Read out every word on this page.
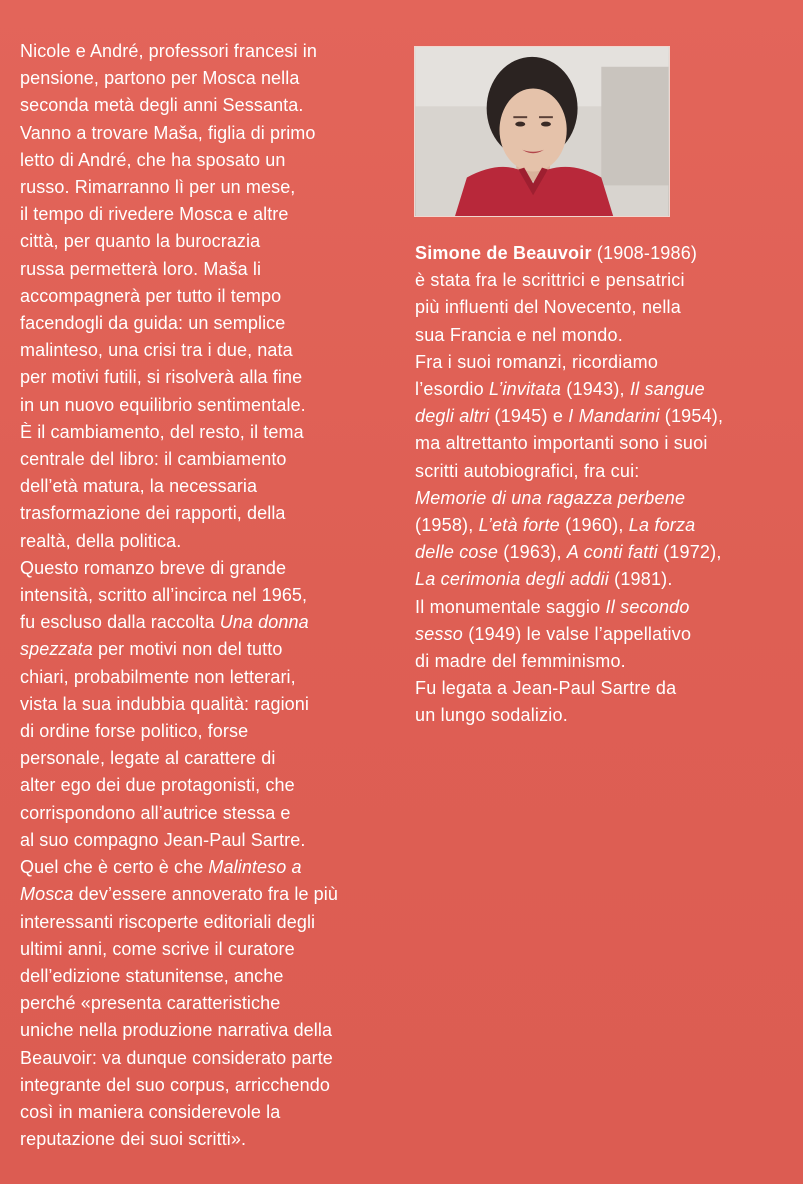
Nicole e André, professori francesi in
pensione, partono per Mosca nella
seconda metà degli anni Sessanta.
Vanno a trovare Maša, figlia di primo
letto di André, che ha sposato un
russo. Rimarranno lì per un mese,
il tempo di rivedere Mosca e altre
città, per quanto la burocrazia
russa permetterà loro. Maša li
accompagnerà per tutto il tempo
facendogli da guida: un semplice
malinteso, una crisi tra i due, nata
per motivi futili, si risolverà alla fine
in un nuovo equilibrio sentimentale.
È il cambiamento, del resto, il tema
centrale del libro: il cambiamento
dell’età matura, la necessaria
trasformazione dei rapporti, della
realtà, della politica.
Questo romanzo breve di grande
intensità, scritto all’incirca nel 1965,
fu escluso dalla raccolta Una donna
spezzata per motivi non del tutto
chiari, probabilmente non letterari,
vista la sua indubbia qualità: ragioni
di ordine forse politico, forse
personale, legate al carattere di
alter ego dei due protagonisti, che
corrispondono all’autrice stessa e
al suo compagno Jean-Paul Sartre.
Quel che è certo è che Malinteso a
Mosca dev’essere annoverato fra le più
interessanti riscoperte editoriali degli
ultimi anni, come scrive il curatore
dell’edizione statunitense, anche
perché «presenta caratteristiche
uniche nella produzione narrativa della
Beauvoir: va dunque considerato parte
integrante del suo corpus, arricchendo
così in maniera considerevole la
reputazione dei suoi scritti».
Simone de Beauvoir (1908-1986)
è stata fra le scrittrici e pensatrici
più influenti del Novecento, nella
sua Francia e nel mondo.
Fra i suoi romanzi, ricordiamo
l’esordio L’invitata (1943), Il sangue
degli altri (1945) e I Mandarini (1954),
ma altrettanto importanti sono i suoi
scritti autobiografici, fra cui:
Memorie di una ragazza perbene
(1958), L’età forte (1960), La forza
delle cose (1963), A conti fatti (1972),
La cerimonia degli addii (1981).
Il monumentale saggio Il secondo
sesso (1949) le valse l’appellativo
di madre del femminismo.
Fu legata a Jean-Paul Sartre da
un lungo sodalizio.
